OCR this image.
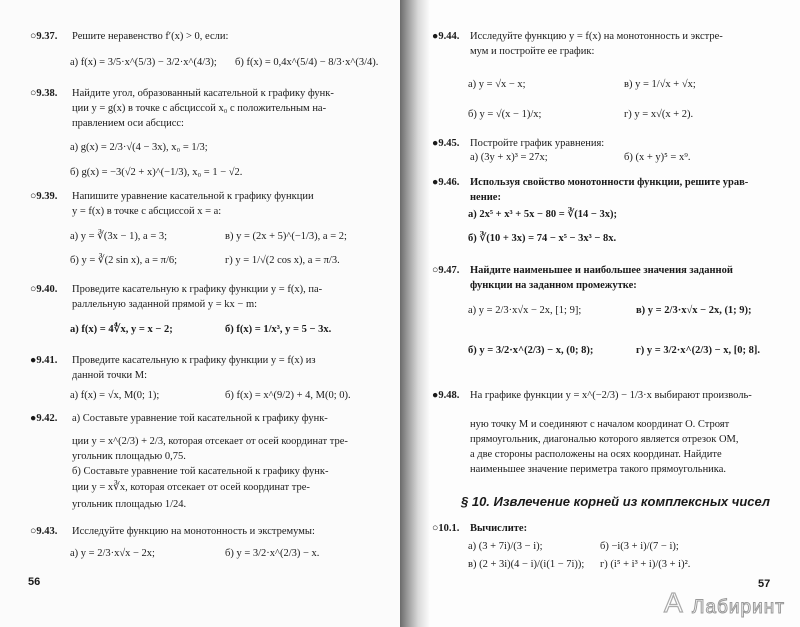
○9.37. Решите неравенство f′(x) > 0, если:
а) f(x) = 3/5·x^(5/3) − 3/2·x^(4/3); б) f(x) = 0,4x^(5/4) − 8/3·x^(3/4).
○9.38. Найдите угол, образованный касательной к графику функ-
ции y = g(x) в точке с абсциссой x₀ с положительным на-
правлением оси абсцисс:
а) g(x) = 2/3·√(4 − 3x), x₀ = 1/3;
б) g(x) = −3(√2 + x)^(−1/3), x₀ = 1 − √2.
○9.39. Напишите уравнение касательной к графику функции
y = f(x) в точке с абсциссой x = a:
а) y = ∛(3x − 1), a = 3;	в) y = (2x + 5)^(−1/3), a = 2;
б) y = ∛(2 sin x), a = π/6;	г) y = 1/√(2 cos x), a = π/3.
○9.40. Проведите касательную к графику функции y = f(x), па-
раллельную заданной прямой y = kx − m:
а) f(x) = 4∜x, y = x − 2;	б) f(x) = 1/x³, y = 5 − 3x.
●9.41. Проведите касательную к графику функции y = f(x) из
данной точки M:
а) f(x) = √x, M(0; 1);	б) f(x) = x^(9/2) + 4, M(0; 0).
●9.42. а) Составьте уравнение той касательной к графику функ-
ции y = x^(2/3) + 2/3, которая отсекает от осей координат тре-
угольник площадью 0,75.
б) Составьте уравнение той касательной к графику функ-
ции y = x∛x, которая отсекает от осей координат тре-
угольник площадью 1/24.
○9.43. Исследуйте функцию на монотонность и экстремумы:
а) y = 2/3·x√x − 2x;	б) y = 3/2·x^(2/3) − x.
56
●9.44. Исследуйте функцию y = f(x) на монотонность и экстре-
мум и постройте ее график:
а) y = √x − x;	в) y = 1/√x + √x;
б) y = √(x − 1)/x;	г) y = x√(x + 2).
●9.45. Постройте график уравнения:
а) (3y + x)³ = 27x;	б) (x + y)⁵ = x⁹.
●9.46. Используя свойство монотонности функции, решите урав-
нение:
а) 2x⁵ + x³ + 5x − 80 = ∛(14 − 3x);
б) ∛(10 + 3x) = 74 − x⁵ − 3x³ − 8x.
○9.47. Найдите наименьшее и наибольшее значения заданной
функции на заданном промежутке:
а) y = 2/3·x√x − 2x, [1; 9];	в) y = 2/3·x√x − 2x, (1; 9);
б) y = 3/2·x^(2/3) − x, (0; 8);	г) y = 3/2·x^(2/3) − x, [0; 8].
●9.48. На графике функции y = x^(−2/3) − 1/3·x выбирают произволь-
ную точку M и соединяют с началом координат O. Строят
прямоугольник, диагональю которого является отрезок OM,
а две стороны расположены на осях координат. Найдите
наименьшее значение периметра такого прямоугольника.
§ 10. Извлечение корней из комплексных чисел
○10.1. Вычислите:
а) (3 + 7i)/(3 − i);	б) −i(3 + i)/(7 − i);
в) (2 + 3i)(4 − i)/(i(1 − 7i)); г) (i⁵ + i³ + i)/(3 + i)².
57
A Лабиринт
